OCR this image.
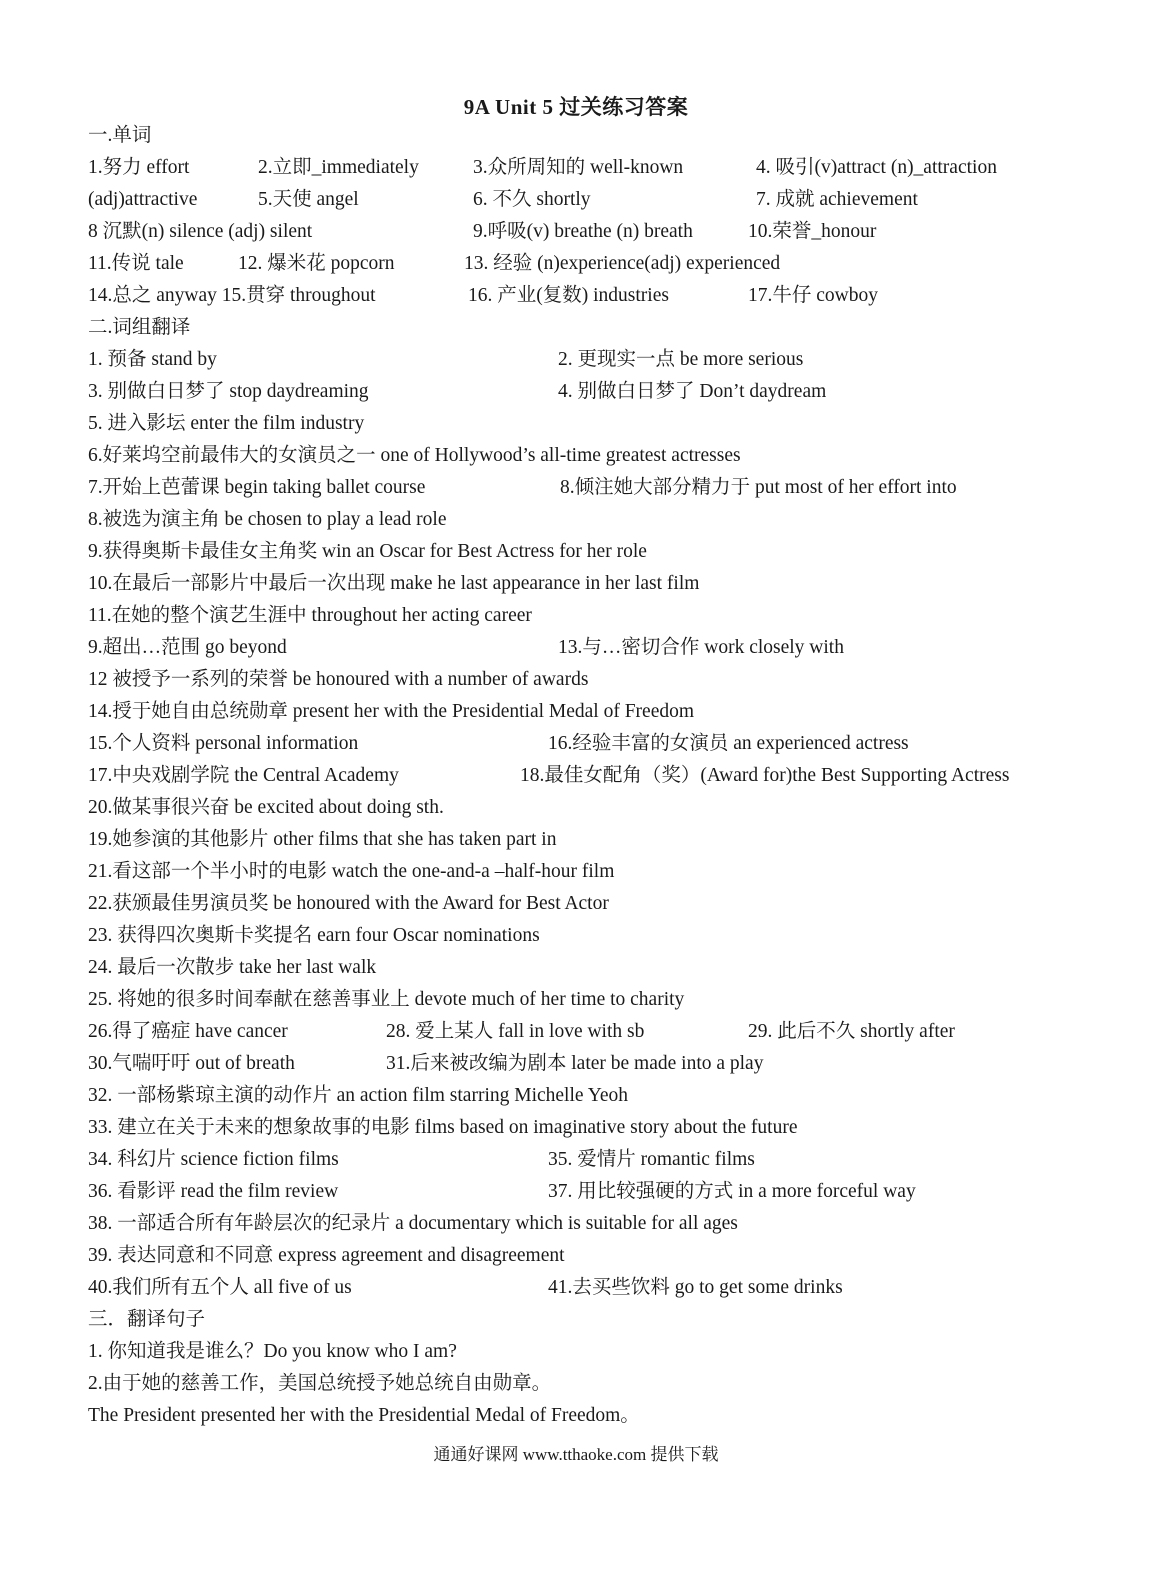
9A Unit 5 过关练习答案
一.单词
1.努力 effort	2.立即_immediately	3.众所周知的 well-known	4. 吸引(v)attract (n)_attraction
(adj)attractive	5.天使 angel	6. 不久 shortly	7. 成就 achievement
8 沉默(n) silence (adj) silent	9.呼吸(v) breathe (n) breath	10.荣誉_honour
11.传说 tale	12. 爆米花 popcorn	13. 经验 (n)experience(adj) experienced
14.总之 anyway 15.贯穿 throughout	16. 产业(复数) industries	17.牛仔 cowboy
二.词组翻译
1. 预备 stand by	2. 更现实一点 be more serious
3. 别做白日梦了 stop daydreaming	4. 别做白日梦了 Don’t daydream
5. 进入影坛 enter the film industry
6.好莱坞空前最伟大的女演员之一 one of Hollywood’s all-time greatest actresses
7.开始上芭蕾课 begin taking ballet course	8.倾注她大部分精力于 put most of her effort into
8.被选为演主角 be chosen to play a lead role
9.获得奥斯卡最佳女主角奖 win an Oscar for Best Actress for her role
10.在最后一部影片中最后一次出现 make he last appearance in her last film
11.在她的整个演艺生涯中 throughout her acting career
9.超出…范围 go beyond	13.与…密切合作 work closely with
12 被授予一系列的荣誉 be honoured with a number of awards
14.授于她自由总统勋章 present her with the Presidential Medal of Freedom
15.个人资料 personal information	16.经验丰富的女演员 an experienced actress
17.中央戏剧学院 the Central Academy	18.最佳女配角（奖）(Award for)the Best Supporting Actress
20.做某事很兴奋 be excited about doing sth.
19.她参演的其他影片 other films that she has taken part in
21.看这部一个半小时的电影 watch the one-and-a –half-hour film
22.获颁最佳男演员奖 be honoured with the Award for Best Actor
23. 获得四次奥斯卡奖提名 earn four Oscar nominations
24. 最后一次散步 take her last walk
25. 将她的很多时间奉献在慈善事业上 devote much of her time to charity
26.得了癌症 have cancer	28. 爱上某人 fall in love with sb	29. 此后不久 shortly after
30.气喘吁吁 out of breath	31.后来被改编为剧本 later be made into a play
32. 一部杨紫琼主演的动作片 an action film starring Michelle Yeoh
33. 建立在关于未来的想象故事的电影 films based on imaginative story about the future
34. 科幻片 science fiction films	35. 爱情片 romantic films
36. 看影评 read the film review	37. 用比较强硬的方式 in a more forceful way
38. 一部适合所有年龄层次的纪录片 a documentary which is suitable for all ages
39. 表达同意和不同意 express agreement and disagreement
40.我们所有五个人 all five of us	41.去买些饮料 go to get some drinks
三．翻译句子
1. 你知道我是谁么？Do you know who I am?
2.由于她的慈善工作，美国总统授予她总统自由勋章。
The President presented her with the Presidential Medal of Freedom。
通通好课网 www.tthaoke.com 提供下载
